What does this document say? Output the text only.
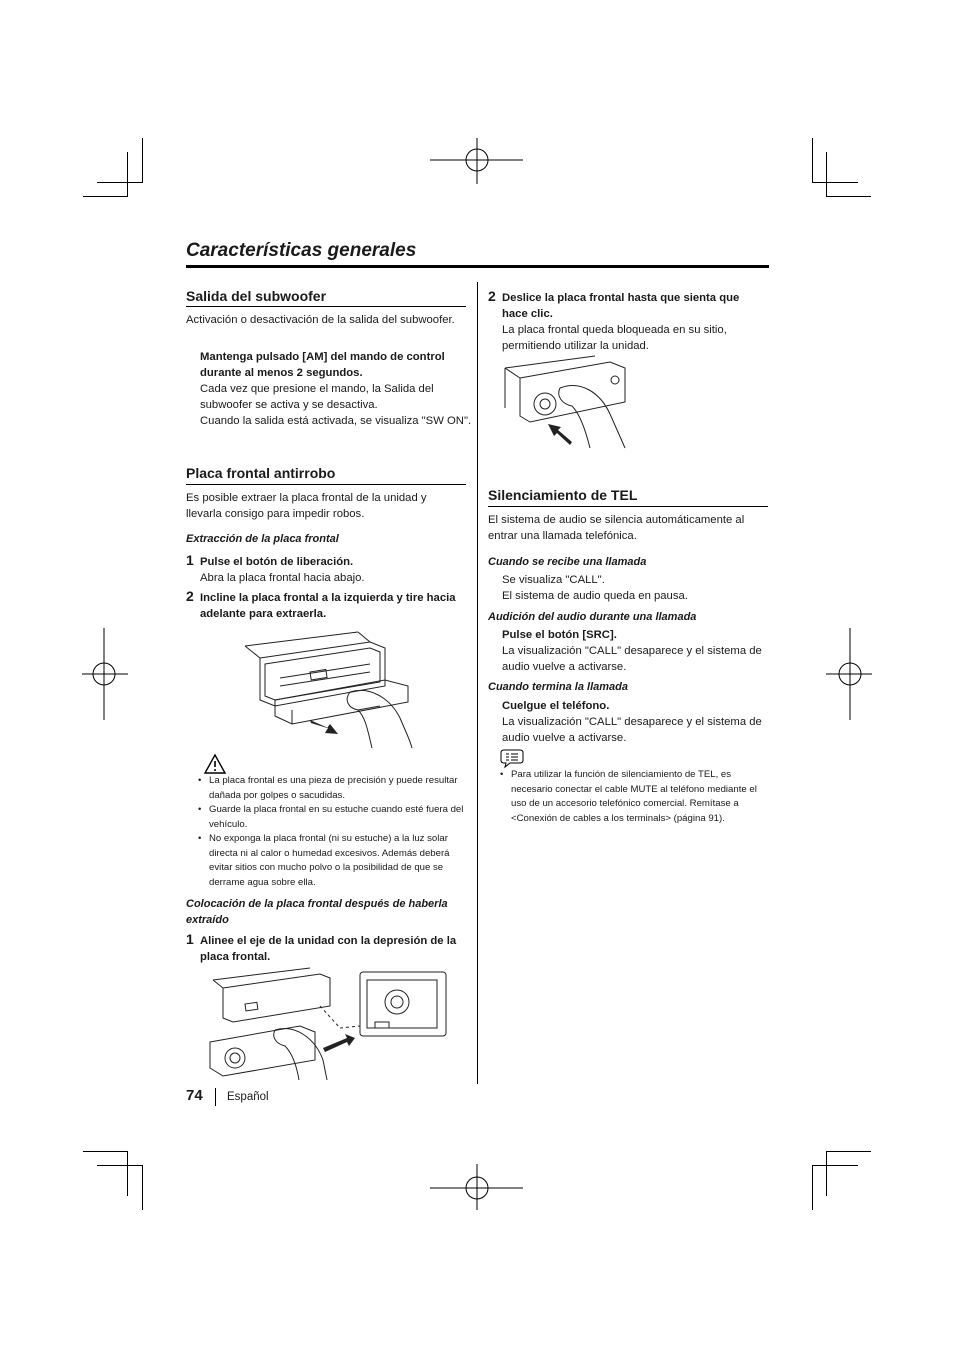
Características generales
Salida del subwoofer
Activación o desactivación de la salida del subwoofer.
Mantenga pulsado [AM] del mando de control durante al menos 2 segundos.
Cada vez que presione el mando, la Salida del subwoofer se activa y se desactiva.
Cuando la salida está activada, se visualiza "SW ON".
Placa frontal antirrobo
Es posible extraer la placa frontal de la unidad y llevarla consigo para impedir robos.
Extracción de la placa frontal
1 Pulse el botón de liberación.
Abra la placa frontal hacia abajo.
2 Incline la placa frontal a la izquierda y tire hacia adelante para extraerla.
• La placa frontal es una pieza de precisión y puede resultar dañada por golpes o sacudidas.
• Guarde la placa frontal en su estuche cuando esté fuera del vehículo.
• No exponga la placa frontal (ni su estuche) a la luz solar directa ni al calor o humedad excesivos. Además deberá evitar sitios con mucho polvo o la posibilidad de que se derrame agua sobre ella.
Colocación de la placa frontal después de haberla extraído
1 Alinee el eje de la unidad con la depresión de la placa frontal.
2 Deslice la placa frontal hasta que sienta que hace clic.
La placa frontal queda bloqueada en su sitio, permitiendo utilizar la unidad.
Silenciamiento de TEL
El sistema de audio se silencia automáticamente al entrar una llamada telefónica.
Cuando se recibe una llamada
Se visualiza "CALL".
El sistema de audio queda en pausa.
Audición del audio durante una llamada
Pulse el botón [SRC].
La visualización "CALL" desaparece y el sistema de audio vuelve a activarse.
Cuando termina la llamada
Cuelgue el teléfono.
La visualización "CALL" desaparece y el sistema de audio vuelve a activarse.
• Para utilizar la función de silenciamiento de TEL, es necesario conectar el cable MUTE al teléfono mediante el uso de un accesorio telefónico comercial. Remítase a <Conexión de cables a los terminals> (página 91).
74 Español
